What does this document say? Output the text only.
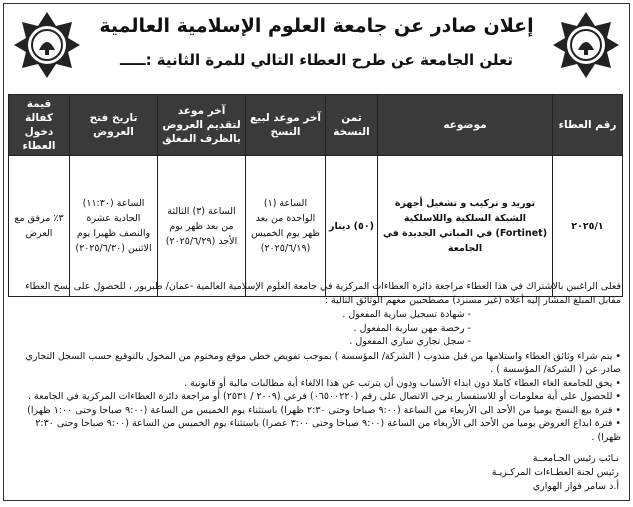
إعلان صادر عن جامعة العلوم الإسلامية العالمية
تعلن الجامعة عن طرح العطاء التالي للمرة الثانية :ـــــ
رقم العطاء	موضوعه	ثمن النسخة	آخر موعد لبيع النسخ	آخر موعد لتقديم العروض بالظرف المغلق	تاريخ فتح العروض	قيمة كفالة دخول العطاء
٢٠٢٥/١	توريد و تركيب و تشغيل أجهزة الشبكة السلكية واللاسلكية (Fortinet) في المباني الجديدة في الجامعة	(٥٠) دينار	الساعة (١) الواحدة من بعد ظهر يوم الخميس (٢٠٢٥/٦/١٩)	الساعة (٣) الثالثة من بعد ظهر يوم الأحد (٢٠٢٥/٦/٢٩)	الساعة (١١:٣٠) الحادية عشرة والنصف ظهيرا يوم الاثنين (٢٠٢٥/٦/٣٠)	٣٪ مرفق مع العرض

فعلى الراغبين بالاشتراك في هذا العطاء مراجعة دائرة العطاءات المركزية في جامعة العلوم الإسلامية العالمية -عمان/ طبربور ، للحصول على نسخ العطاء مقابل المبلغ المشار إليه أعلاه (غير مسترد) مصطحبين معهم الوثائق التالية :

- شهادة تسجيل سارية المفعول .
- رخصة مهن سارية المفعول .
- سجل تجاري ساري المفعول .

• يتم شراء وثائق العطاء واستلامها من قبل مندوب ( الشركة/ المؤسسة ) بموجب تفويض خطي موقع ومختوم من المخول بالتوقيع حسب السجل التجاري صادر عن ( الشركة/ المؤسسة ) .

• يحق للجامعة الغاء العطاء كاملا دون ابداء الأسباب ودون أن يترتب عن هذا الالغاء أية مطالبات مالية أو قانونية .

• للحصول على أية معلومات أو للاستفسار يرجى الاتصال على رقم (٠٦٥٠٠٢٢٠) فرعي (٢٠٠٩ / ٢٥٣١) أو مراجعة دائرة العطاءات المركزية في الجامعة .

• فترة بيع النسخ يوميا من الأحد الى الأربعاء من الساعة (٩:٠٠ صباحا وحتى ٢:٣٠ ظهرا) باستثناء يوم الخميس من الساعة (٩:٠٠ صباحا وحتى ١:٠٠ ظهرا)

• فترة ابداع العروض يوميا من الأحد الى الأربعاء من الساعة (٩:٠٠ صباحا وحتى ٣:٠٠ عصرا) باستثناء يوم الخميس من الساعة (٩:٠٠ صباحا وحتى ٢:٣٠ ظهرا) .

نـائب رئيس الجـامعــة
رئيس لجنة العطـاءات المركـزيـة
أ.د سامر فواز الهواري
